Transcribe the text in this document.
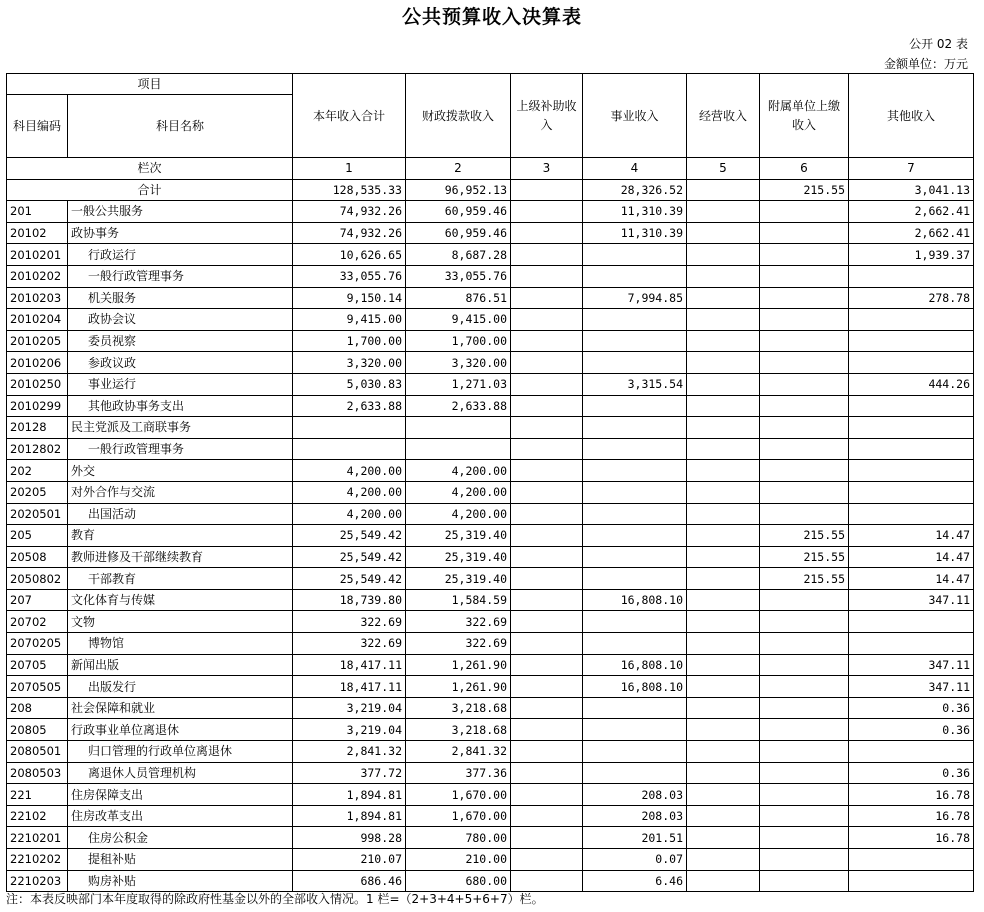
公共预算收入决算表
公开 02 表
金额单位：万元
项目		本年收入合计	财政拨款收入	上级补助收入	事业收入	经营收入	附属单位上缴收入	其他收入
科目编码	科目名称							
栏次		1	2	3	4	5	6	7
合计		128,535.33	96,952.13		28,326.52		215.55	3,041.13
201	一般公共服务	74,932.26	60,959.46		11,310.39			2,662.41
20102	政协事务	74,932.26	60,959.46		11,310.39			2,662.41
2010201	行政运行	10,626.65	8,687.28					1,939.37
2010202	一般行政管理事务	33,055.76	33,055.76					
2010203	机关服务	9,150.14	876.51		7,994.85			278.78
2010204	政协会议	9,415.00	9,415.00					
2010205	委员视察	1,700.00	1,700.00					
2010206	参政议政	3,320.00	3,320.00					
2010250	事业运行	5,030.83	1,271.03		3,315.54			444.26
2010299	其他政协事务支出	2,633.88	2,633.88					
20128	民主党派及工商联事务							
2012802	一般行政管理事务							
202	外交	4,200.00	4,200.00					
20205	对外合作与交流	4,200.00	4,200.00					
2020501	出国活动	4,200.00	4,200.00					
205	教育	25,549.42	25,319.40				215.55	14.47
20508	教师进修及干部继续教育	25,549.42	25,319.40				215.55	14.47
2050802	干部教育	25,549.42	25,319.40				215.55	14.47
207	文化体育与传媒	18,739.80	1,584.59		16,808.10			347.11
20702	文物	322.69	322.69					
2070205	博物馆	322.69	322.69					
20705	新闻出版	18,417.11	1,261.90		16,808.10			347.11
2070505	出版发行	18,417.11	1,261.90		16,808.10			347.11
208	社会保障和就业	3,219.04	3,218.68					0.36
20805	行政事业单位离退休	3,219.04	3,218.68					0.36
2080501	归口管理的行政单位离退休	2,841.32	2,841.32					
2080503	离退休人员管理机构	377.72	377.36					0.36
221	住房保障支出	1,894.81	1,670.00		208.03			16.78
22102	住房改革支出	1,894.81	1,670.00		208.03			16.78
2210201	住房公积金	998.28	780.00		201.51			16.78
2210202	提租补贴	210.07	210.00		0.07			
2210203	购房补贴	686.46	680.00		6.46			
注：本表反映部门本年度取得的除政府性基金以外的全部收入情况。1 栏=（2+3+4+5+6+7）栏。
